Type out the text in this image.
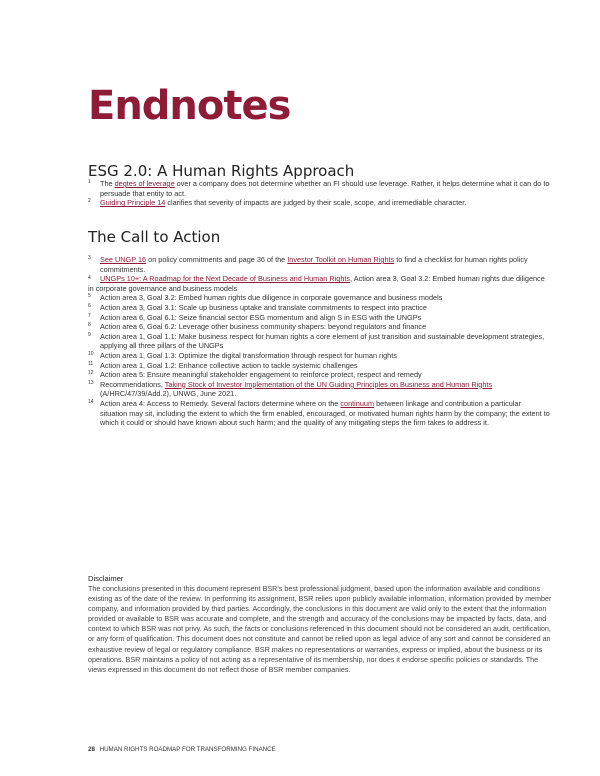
Endnotes
ESG 2.0: A Human Rights Approach
1 The degtes of leverage over a company does not determine whether an FI should use leverage. Rather, it helps determine what it can do to persuade that entity to act.
2 Guiding Principle 14 clarifies that severity of impacts are judged by their scale, scope, and irremediable character.
The Call to Action
3 See UNGP 16 on policy commitments and page 36 of the Investor Toolkit on Human Rights to find a checklist for human rights policy commitments.
4 UNGPs 10+: A Roadmap for the Next Decade of Business and Human Rights, Action area 3, Goal 3.2: Embed human rights due diligence in corporate governance and business models
5 Action area 3, Goal 3.2: Embed human rights due diligence in corporate governance and business models
6 Action area 3, Goal 3.1: Scale up business uptake and translate commitments to respect into practice
7 Action area 6, Goal 6.1: Seize financial sector ESG momentum and align S in ESG with the UNGPs
8 Action area 6, Goal 6.2: Leverage other business community shapers: beyond regulators and finance
9 Action area 1, Goal 1.1: Make business respect for human rights a core element of just transition and sustainable development strategies, applying all three pillars of the UNGPs
10 Action area 1, Goal 1.3: Optimize the digital transformation through respect for human rights
11 Action area 1, Goal 1.2: Enhance collective action to tackle systemic challenges
12 Action area 5: Ensure meaningful stakeholder engagement to reinforce protect, respect and remedy
13 Recommendations, Taking Stock of Investor Implementation of the UN Guiding Principles on Business and Human Rights (A/HRC/47/39/Add.2), UNWG, June 2021.
14 Action area 4: Access to Remedy. Several factors determine where on the continuum between linkage and contribution a particular situation may sit, including the extent to which the firm enabled, encouraged, or motivated human rights harm by the company; the extent to which it could or should have known about such harm; and the quality of any mitigating steps the firm takes to address it.
Disclaimer

The conclusions presented in this document represent BSR's best professional judgment, based upon the information available and conditions existing as of the date of the review. In performing its assignment, BSR relies upon publicly available information, information provided by member company, and information provided by third parties. Accordingly, the conclusions in this document are valid only to the extent that the information provided or available to BSR was accurate and complete, and the strength and accuracy of the conclusions may be impacted by facts, data, and context to which BSR was not privy. As such, the facts or conclusions referenced in this document should not be considered an audit, certification, or any form of qualification. This document does not constitute and cannot be relied upon as legal advice of any sort and cannot be considered an exhaustive review of legal or regulatory compliance. BSR makes no representations or warranties, express or implied, about the business or its operations. BSR maintains a policy of not acting as a representative of its membership, nor does it endorse specific policies or standards. The views expressed in this document do not reflect those of BSR member companies.

28 HUMAN RIGHTS ROADMAP FOR TRANSFORMING FINANCE
